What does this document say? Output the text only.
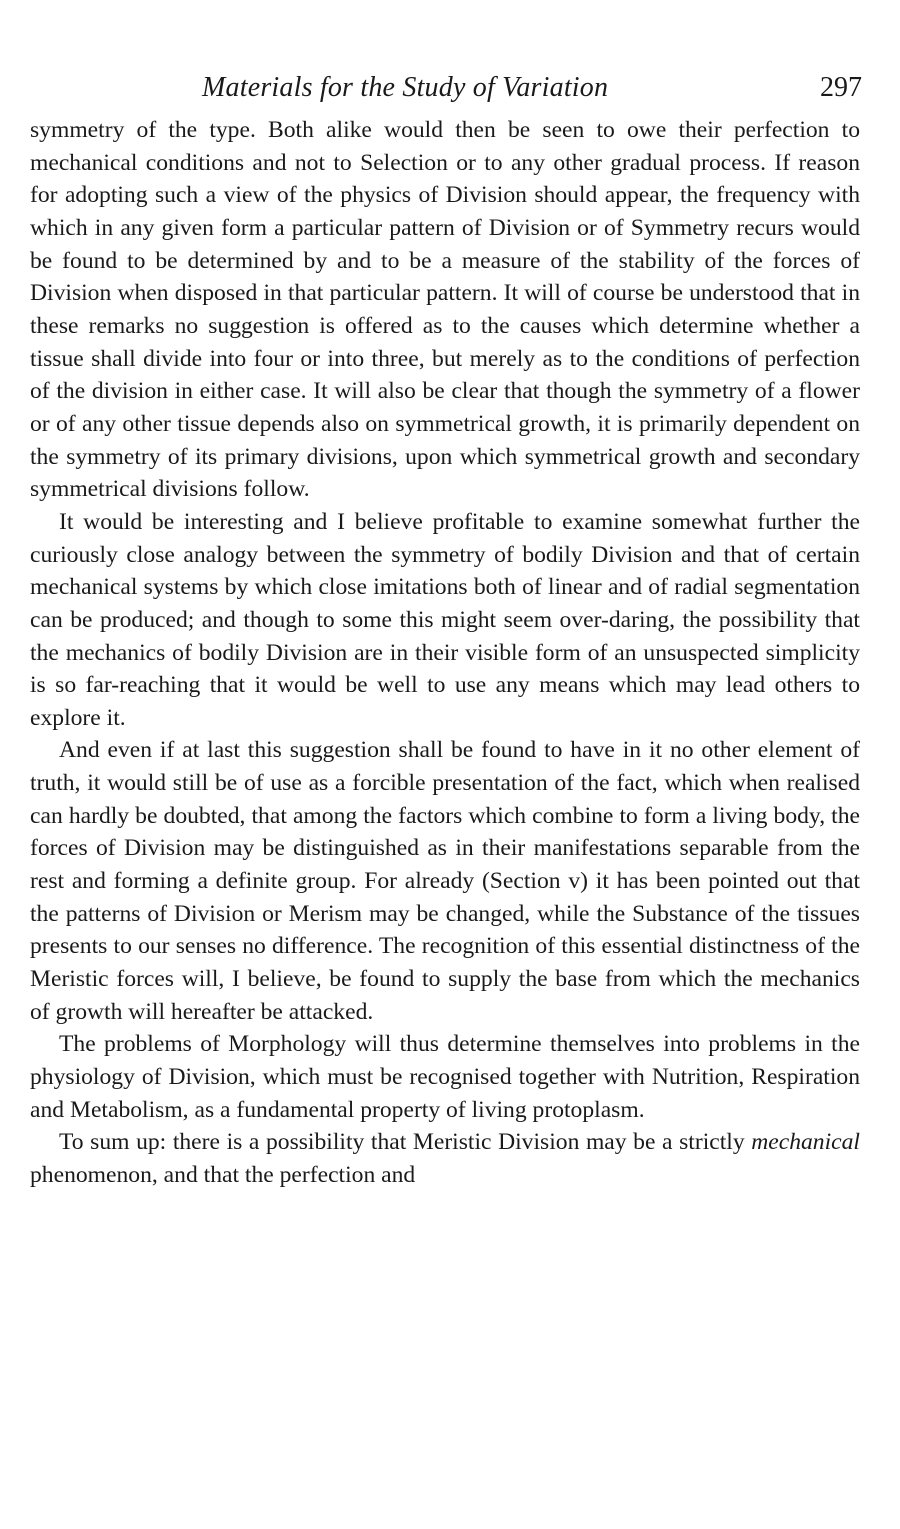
Materials for the Study of Variation	297

symmetry of the type. Both alike would then be seen to owe their perfection to mechanical conditions and not to Selection or to any other gradual process. If reason for adopting such a view of the physics of Division should appear, the frequency with which in any given form a particular pattern of Division or of Symmetry recurs would be found to be determined by and to be a measure of the stability of the forces of Division when disposed in that particular pattern. It will of course be understood that in these remarks no suggestion is offered as to the causes which determine whether a tissue shall divide into four or into three, but merely as to the conditions of perfection of the division in either case. It will also be clear that though the symmetry of a flower or of any other tissue depends also on symmetrical growth, it is primarily dependent on the symmetry of its primary divisions, upon which symmetrical growth and secondary symmetrical divisions follow.

It would be interesting and I believe profitable to examine somewhat further the curiously close analogy between the symmetry of bodily Division and that of certain mechanical systems by which close imitations both of linear and of radial segmentation can be produced; and though to some this might seem over-daring, the possibility that the mechanics of bodily Division are in their visible form of an unsuspected simplicity is so far-reaching that it would be well to use any means which may lead others to explore it.

And even if at last this suggestion shall be found to have in it no other element of truth, it would still be of use as a forcible presentation of the fact, which when realised can hardly be doubted, that among the factors which combine to form a living body, the forces of Division may be distinguished as in their manifestations separable from the rest and forming a definite group. For already (Section v) it has been pointed out that the patterns of Division or Merism may be changed, while the Substance of the tissues presents to our senses no difference. The recognition of this essential distinctness of the Meristic forces will, I believe, be found to supply the base from which the mechanics of growth will hereafter be attacked.

The problems of Morphology will thus determine themselves into problems in the physiology of Division, which must be recognised together with Nutrition, Respiration and Metabolism, as a fundamental property of living protoplasm.

To sum up: there is a possibility that Meristic Division may be a strictly mechanical phenomenon, and that the perfection and
